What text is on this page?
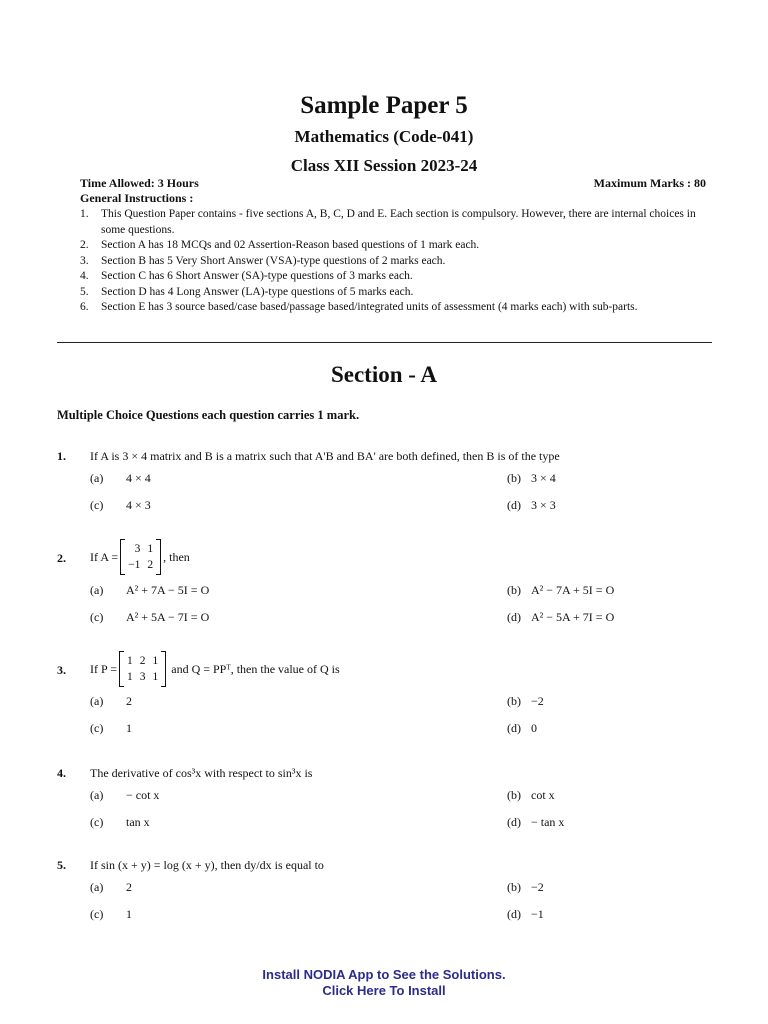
Sample Paper 5
Mathematics (Code-041)
Class XII Session 2023-24
Time Allowed: 3 Hours	Maximum Marks : 80
General Instructions :
1.	This Question Paper contains - five sections A, B, C, D and E. Each section is compulsory. However, there are internal choices in some questions.
2.	Section A has 18 MCQs and 02 Assertion-Reason based questions of 1 mark each.
3.	Section B has 5 Very Short Answer (VSA)-type questions of 2 marks each.
4.	Section C has 6 Short Answer (SA)-type questions of 3 marks each.
5.	Section D has 4 Long Answer (LA)-type questions of 5 marks each.
6.	Section E has 3 source based/case based/passage based/integrated units of assessment (4 marks each) with sub-parts.
Section - A
Multiple Choice Questions each question carries 1 mark.
1. If A is 3 × 4 matrix and B is a matrix such that A'B and BA' are both defined, then B is of the type
(a)	4 × 4	(b) 3 × 4
(c)	4 × 3	(d) 3 × 3
2. If A =
3 1
−1 2
, then
(a)	A² + 7A − 5I = O	(b) A² − 7A + 5I = O
(c)	A² + 5A − 7I = O	(d) A² − 5A + 7I = O
3. If P =
1 2 1
1 3 1
and Q = PPᵀ, then the value of Q is
(a)	2	(b) −2
(c)	1	(d) 0
4. The derivative of cos³x with respect to sin³x is
(a)	− cot x	(b) cot x
(c)	tan x	(d) − tan x
5. If sin (x + y) = log (x + y), then dy/dx is equal to
(a)	2	(b) −2
(c)	1	(d) −1
Install NODIA App to See the Solutions.
Click Here To Install
